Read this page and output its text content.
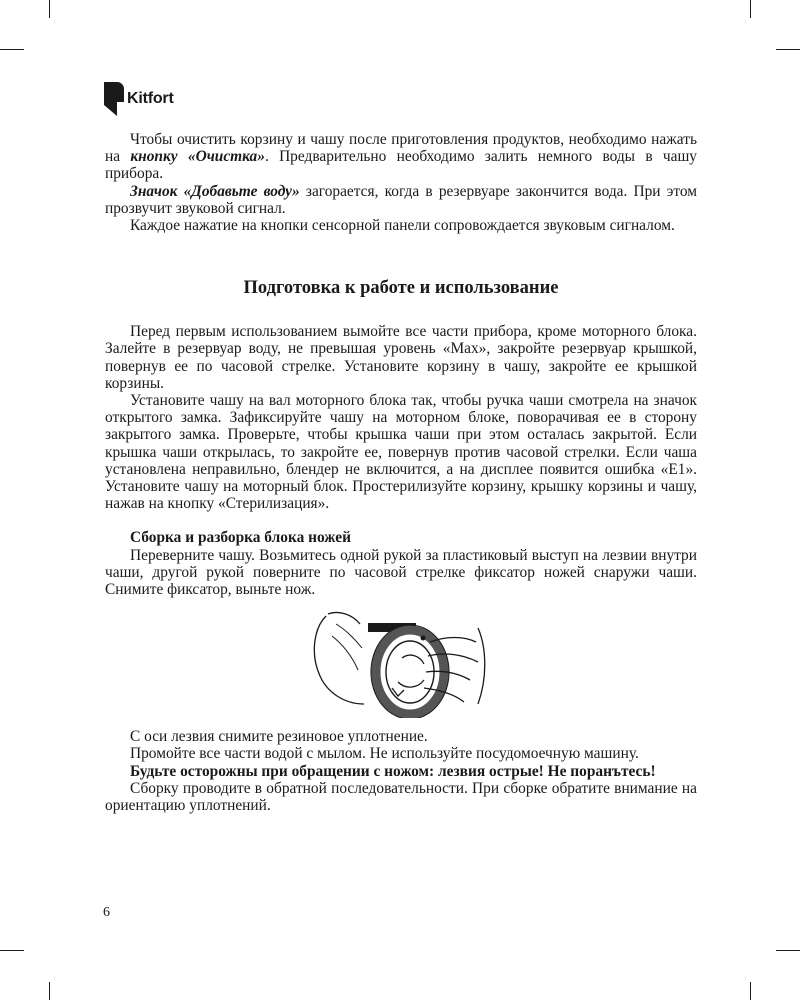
Kitfort

Чтобы очистить корзину и чашу после приготовления продуктов, необходимо нажать на кнопку «Очистка». Предварительно необходимо залить немного воды в чашу прибора.

Значок «Добавьте воду» загорается, когда в резервуаре закончится вода. При этом прозвучит звуковой сигнал.

Каждое нажатие на кнопки сенсорной панели сопровождается звуковым сигналом.

Подготовка к работе и использование

Перед первым использованием вымойте все части прибора, кроме моторного блока. Залейте в резервуар воду, не превышая уровень «Max», закройте резервуар крышкой, повернув ее по часовой стрелке. Установите корзину в чашу, закройте ее крышкой корзины.

Установите чашу на вал моторного блока так, чтобы ручка чаши смотрела на значок открытого замка. Зафиксируйте чашу на моторном блоке, поворачивая ее в сторону закрытого замка. Проверьте, чтобы крышка чаши при этом осталась закрытой. Если крышка чаши открылась, то закройте ее, повернув против часовой стрелки. Если чаша установлена неправильно, блендер не включится, а на дисплее появится ошибка «E1». Установите чашу на моторный блок. Простерилизуйте корзину, крышку корзины и чашу, нажав на кнопку «Стерилизация».

Сборка и разборка блока ножей

Переверните чашу. Возьмитесь одной рукой за пластиковый выступ на лезвии внутри чаши, другой рукой поверните по часовой стрелке фиксатор ножей снаружи чаши. Снимите фиксатор, выньте нож.

С оси лезвия снимите резиновое уплотнение.

Промойте все части водой с мылом. Не используйте посудомоечную машину.

Будьте осторожны при обращении с ножом: лезвия острые! Не поранътесь!

Сборку проводите в обратной последовательности. При сборке обратите внимание на ориентацию уплотнений.

6
